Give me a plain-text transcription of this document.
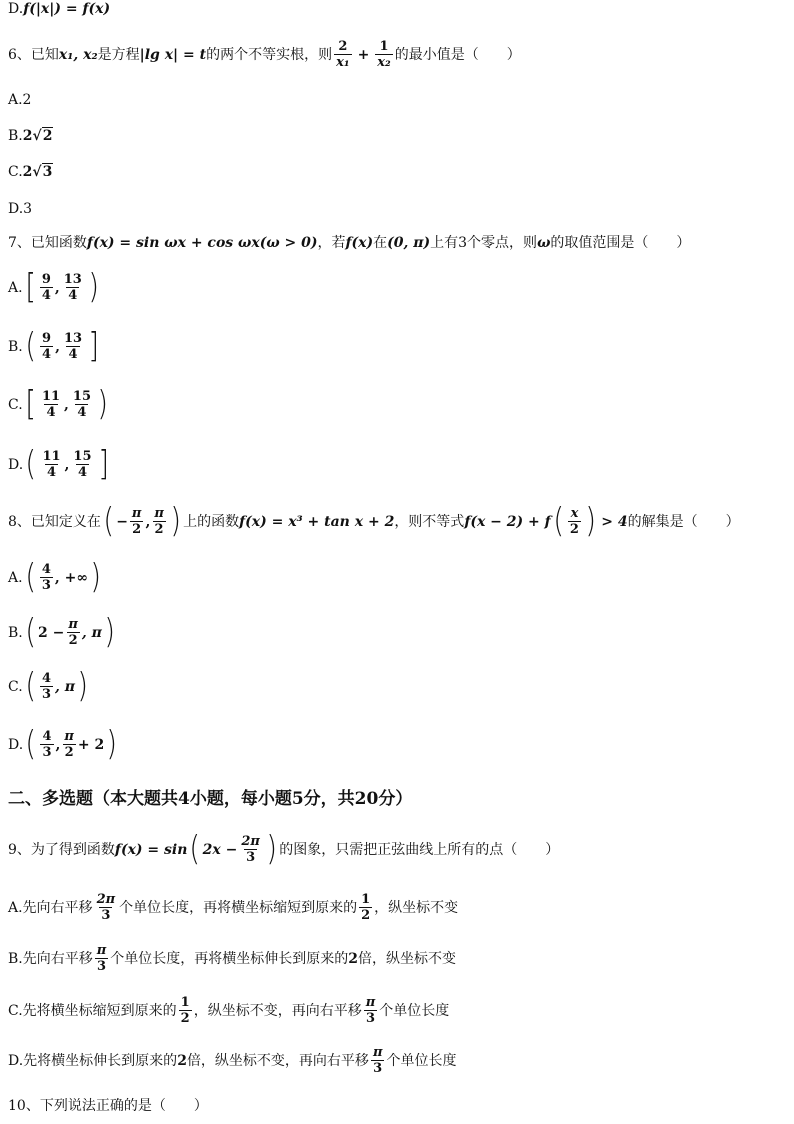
D. f(|x|) = f(x)
6、已知 x₁, x₂ 是方程 |lg x| = t 的两个不等实根，则 $\frac{2}{\text{x₁}} + \frac{1}{\text{x₂}}$ 的最小值是（　　）
A.2
B. 2√2
C. 2√3
D.3
7、已知函数 f(x) = sin ωx + cos ωx(ω > 0) ，若 f(x) 在 (0, π) 上有3个零点，则 ω 的取值范围是（　　）
A. [ $\frac{9}{4}$ , $\frac{13}{4}$ )
B. ( $\frac{9}{4}$ , $\frac{13}{4}$ ]
C. [ $\frac{11}{4}$ , $\frac{15}{4}$ )
D. ( $\frac{11}{4}$ , $\frac{15}{4}$ ]
8、已知定义在 ( − $\frac{\pi}{2}$ , $\frac{\pi}{2}$ ) 上的函数 f(x) = x³ + tan x + 2 ，则不等式 f(x − 2) + f ( $\frac{x}{2}$ ) > 4 的解集是（　　）
A. ( $\frac{4}{3}$ , +∞ )
B. ( $2 - \frac{\pi}{2}$ , π )
C. ( $\frac{4}{3}$ , π )
D. ( $\frac{4}{3}$ , $\frac{\pi}{2} + 2$ )
二、多选题（本大题共4小题，每小题5分，共20分）
9、为了得到函数 f(x) = sin ( $2x - \frac{2\pi}{3}$ ) 的图象，只需把正弦曲线上所有的点（　　）
A.先向右平移 $\frac{2\pi}{3}$ 个单位长度，再将横坐标缩短到原来的 $\frac{1}{2}$ ，纵坐标不变
B.先向右平移 $\frac{\pi}{3}$ 个单位长度，再将横坐标伸长到原来的 2 倍，纵坐标不变
C.先将横坐标缩短到原来的 $\frac{1}{2}$ ，纵坐标不变，再向右平移 $\frac{\pi}{3}$ 个单位长度
D.先将横坐标伸长到原来的 2 倍，纵坐标不变，再向右平移 $\frac{\pi}{3}$ 个单位长度
10、下列说法正确的是（　　）
